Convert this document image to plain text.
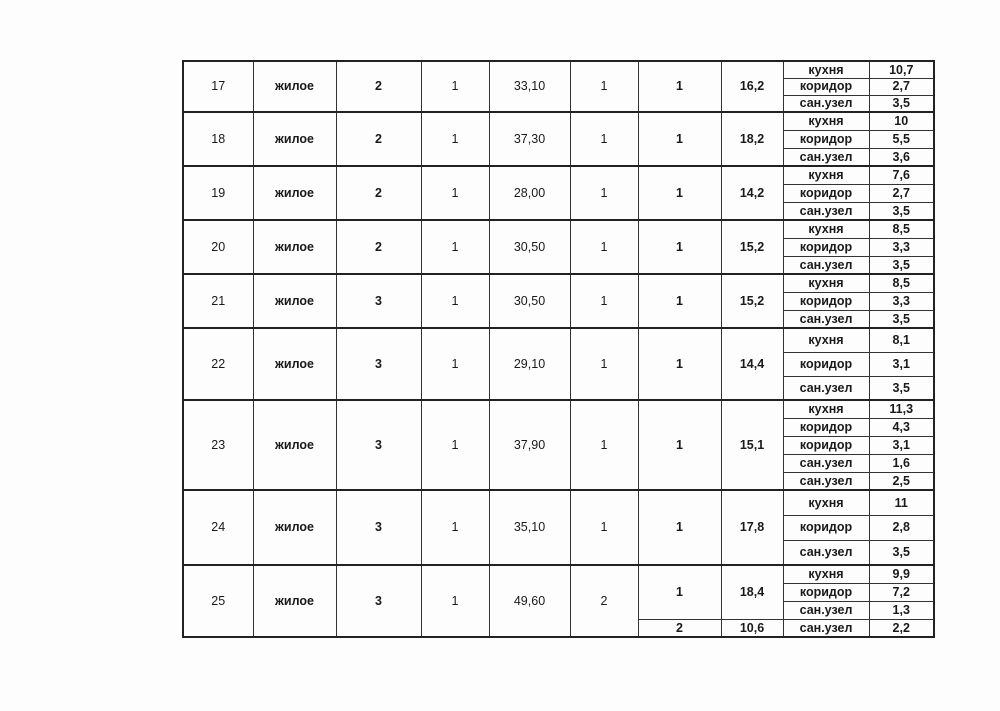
17	жилое	2	1	33,10	1	1	16,2	кухня	10,7
								коридор	2,7
								сан.узел	3,5
18	жилое	2	1	37,30	1	1	18,2	кухня	10
								коридор	5,5
								сан.узел	3,6
19	жилое	2	1	28,00	1	1	14,2	кухня	7,6
								коридор	2,7
								сан.узел	3,5
20	жилое	2	1	30,50	1	1	15,2	кухня	8,5
								коридор	3,3
								сан.узел	3,5
21	жилое	3	1	30,50	1	1	15,2	кухня	8,5
								коридор	3,3
								сан.узел	3,5
22	жилое	3	1	29,10	1	1	14,4	кухня	8,1
								коридор	3,1
								сан.узел	3,5
23	жилое	3	1	37,90	1	1	15,1	кухня	11,3
								коридор	4,3
								коридор	3,1
								сан.узел	1,6
								сан.узел	2,5
24	жилое	3	1	35,10	1	1	17,8	кухня	11
								коридор	2,8
								сан.узел	3,5
25	жилое	3	1	49,60	2	1	18,4	кухня	9,9
								коридор	7,2
								сан.узел	1,3
						2	10,6	сан.узел	2,2
